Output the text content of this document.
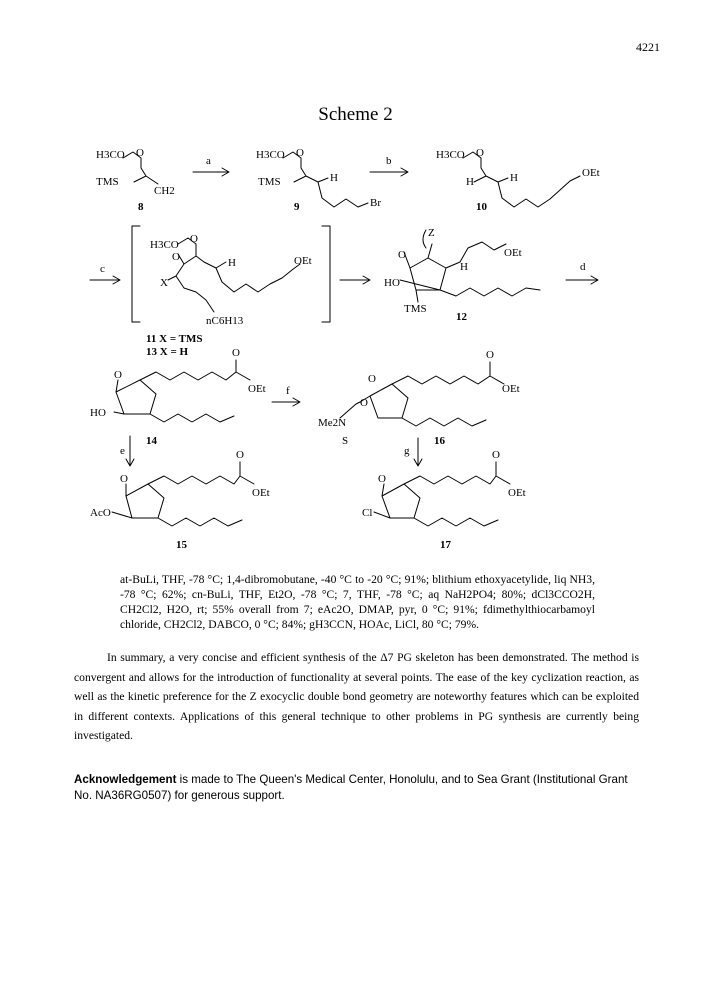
4221
Scheme 2
H3CO O
TMS
CH2
8
a	H3CO O
TMS	H
Br
9
b	H3CO O
H	H	OEt
10
c
H3CO O
O	H	OEt
X
nC6H13
11 X = TMS
13 X = H
Z
O
H
OEt
HO
TMS
12
d
O
O
OEt
HO
14
e
f
O
O
O
OEt
Me2N
S	16
g
O
O
OEt
AcO
15
O
O
OEt
Cl
17
at-BuLi, THF, -78 °C; 1,4-dibromobutane, -40 °C to -20 °C; 91%; blithium ethoxyacetylide, liq NH3, -78 °C; 62%; cn-BuLi, THF, Et2O, -78 °C; 7, THF, -78 °C; aq NaH2PO4; 80%; dCl3CCO2H, CH2Cl2, H2O, rt; 55% overall from 7; eAc2O, DMAP, pyr, 0 °C; 91%; fdimethylthiocarbamoyl chloride, CH2Cl2, DABCO, 0 °C; 84%; gH3CCN, HOAc, LiCl, 80 °C; 79%.
In summary, a very concise and efficient synthesis of the Δ7 PG skeleton has been demonstrated. The method is convergent and allows for the introduction of functionality at several points. The ease of the key cyclization reaction, as well as the kinetic preference for the Z exocyclic double bond geometry are noteworthy features which can be exploited in different contexts. Applications of this general technique to other problems in PG synthesis are currently being investigated.
Acknowledgement is made to The Queen's Medical Center, Honolulu, and to Sea Grant (Institutional Grant No. NA36RG0507) for generous support.
